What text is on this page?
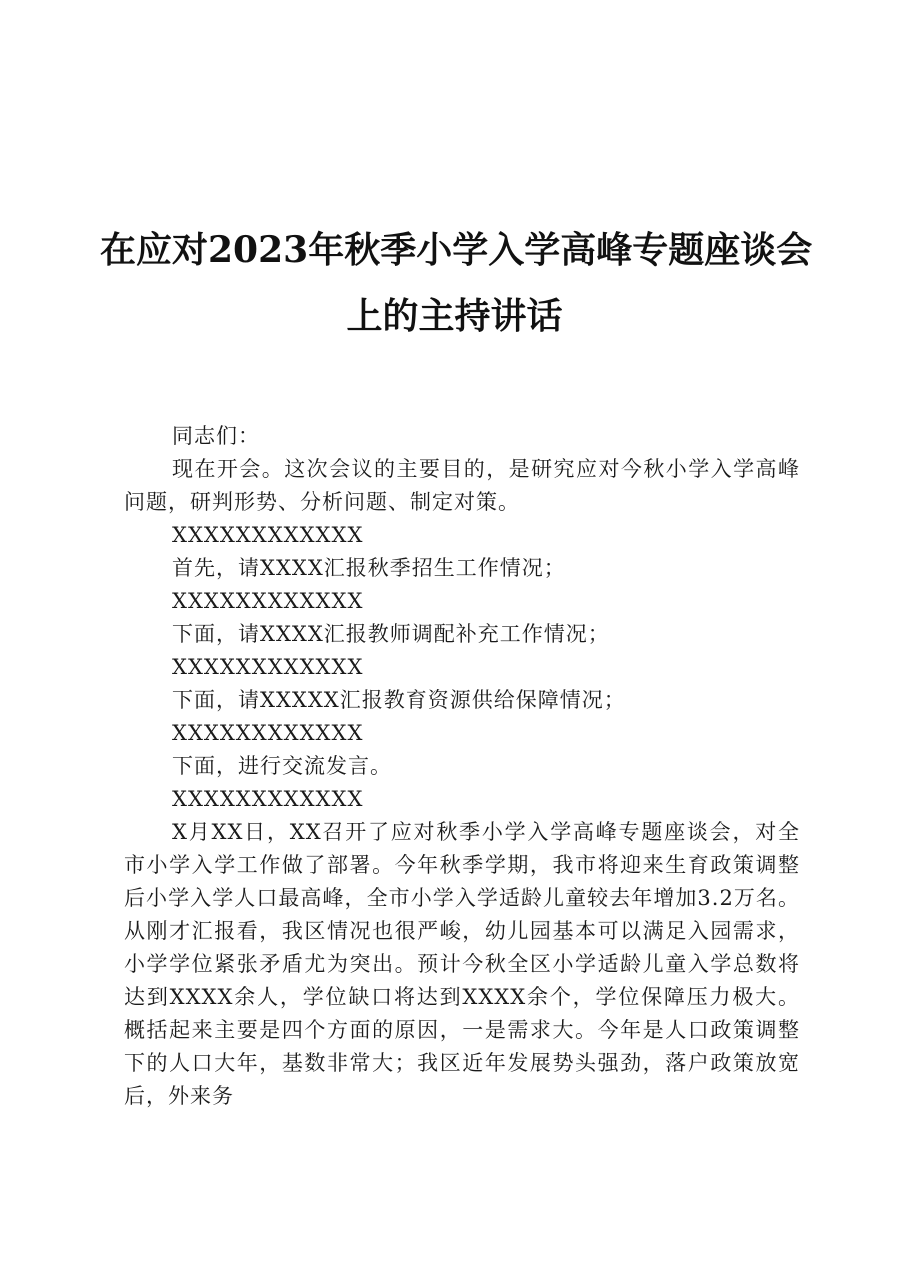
在应对2023年秋季小学入学高峰专题座谈会
上的主持讲话

同志们：

现在开会。这次会议的主要目的，是研究应对今秋小学入学高峰问题，研判形势、分析问题、制定对策。

XXXXXXXXXXXX

首先，请XXXX汇报秋季招生工作情况；

XXXXXXXXXXXX

下面，请XXXX汇报教师调配补充工作情况；

XXXXXXXXXXXX

下面，请XXXXX汇报教育资源供给保障情况；

XXXXXXXXXXXX

下面，进行交流发言。

XXXXXXXXXXXX

X月XX日，XX召开了应对秋季小学入学高峰专题座谈会，对全市小学入学工作做了部署。今年秋季学期，我市将迎来生育政策调整后小学入学人口最高峰，全市小学入学适龄儿童较去年增加3.2万名。从刚才汇报看，我区情况也很严峻，幼儿园基本可以满足入园需求，小学学位紧张矛盾尤为突出。预计今秋全区小学适龄儿童入学总数将达到XXXX余人，学位缺口将达到XXXX余个，学位保障压力极大。概括起来主要是四个方面的原因，一是需求大。今年是人口政策调整下的人口大年，基数非常大；我区近年发展势头强劲，落户政策放宽后，外来务
